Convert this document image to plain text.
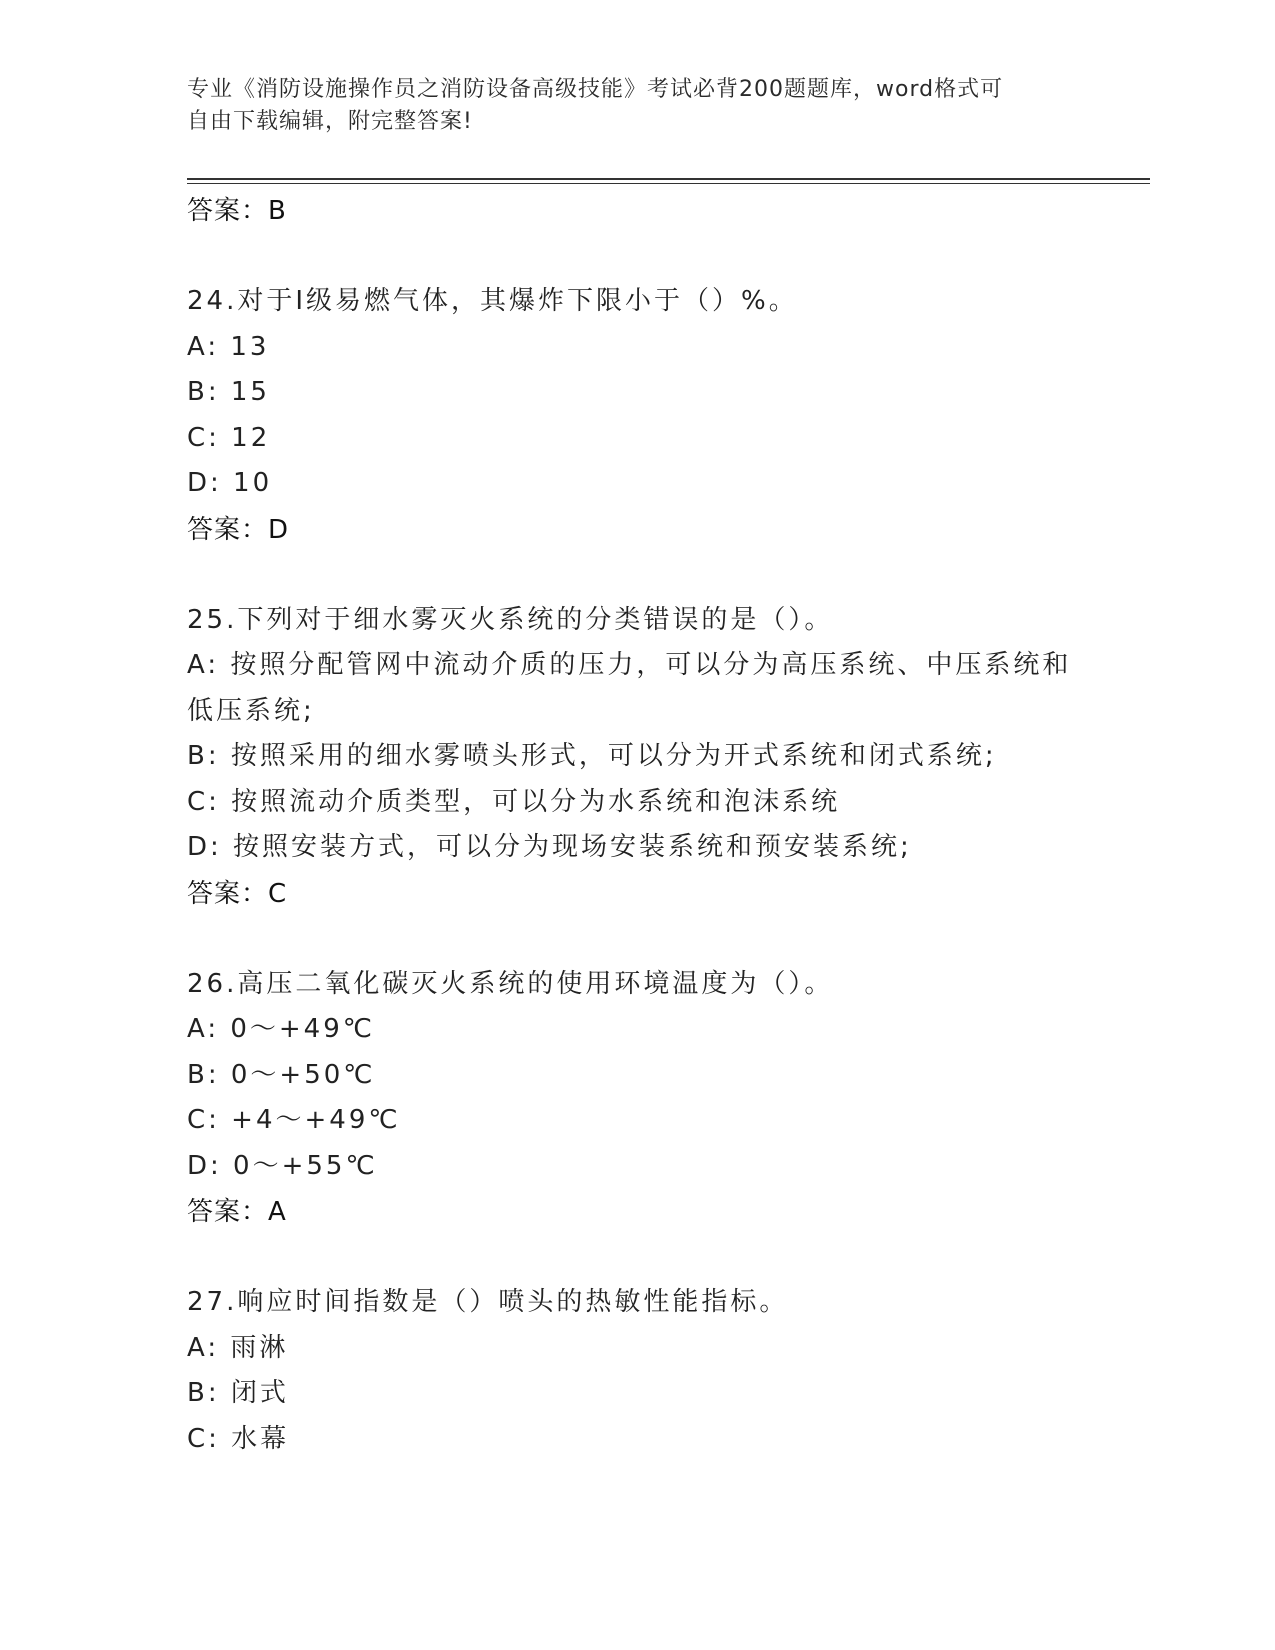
专业《消防设施操作员之消防设备高级技能》考试必背200题题库，word格式可
自由下载编辑，附完整答案!
答案：B
24.对于Ⅰ级易燃气体，其爆炸下限小于（）%。
A: 13
B: 15
C: 12
D: 10
答案：D
25.下列对于细水雾灭火系统的分类错误的是（）。
A: 按照分配管网中流动介质的压力，可以分为高压系统、中压系统和
低压系统;
B: 按照采用的细水雾喷头形式，可以分为开式系统和闭式系统;
C: 按照流动介质类型，可以分为水系统和泡沫系统
D: 按照安装方式，可以分为现场安装系统和预安装系统;
答案：C
26.高压二氧化碳灭火系统的使用环境温度为（）。
A: 0～+49℃
B: 0～+50℃
C: +4～+49℃
D: 0～+55℃
答案：A
27.响应时间指数是（）喷头的热敏性能指标。
A: 雨淋
B: 闭式
C: 水幕
